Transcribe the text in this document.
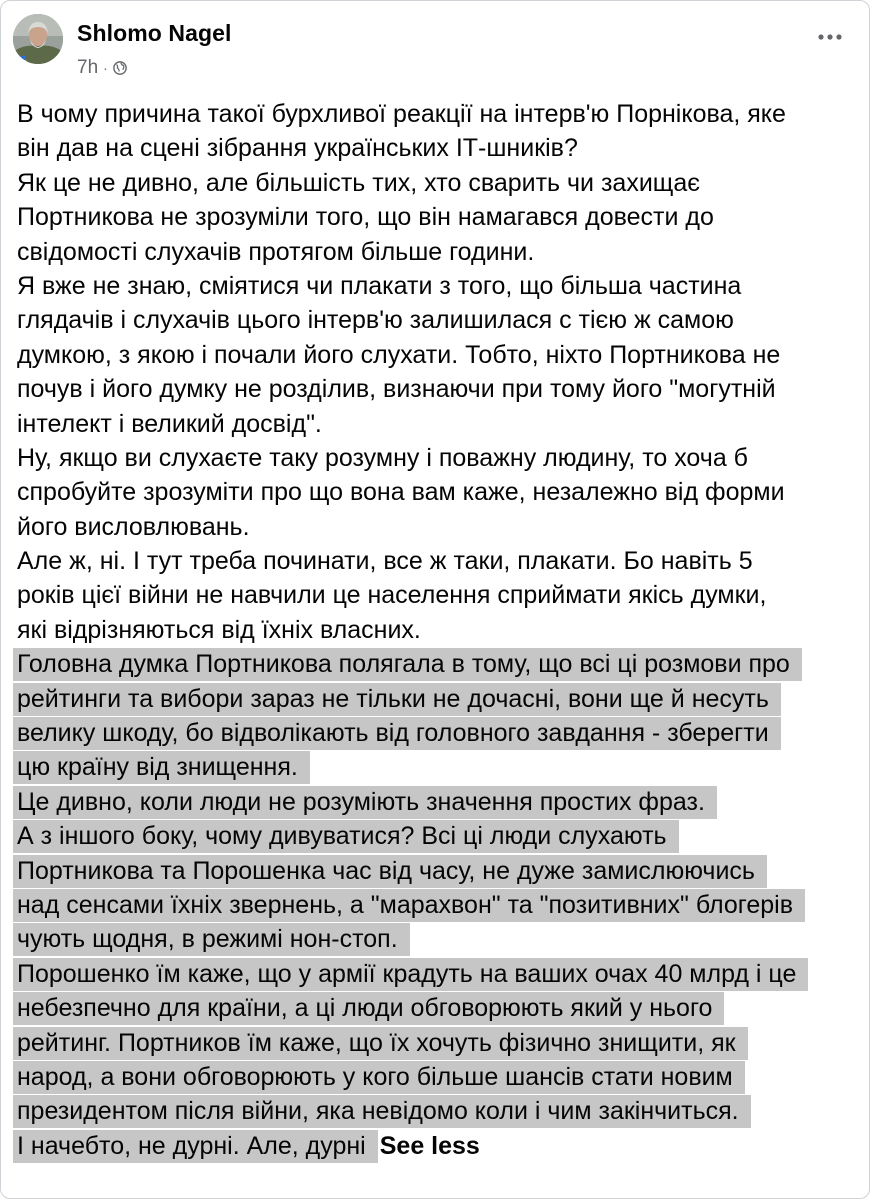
Shlomo Nagel
7h ·
В чому причина такої бурхливої реакції на інтерв'ю Порнікова, яке
він дав на сцені зібрання українських ІТ-шників?
Як це не дивно, але більшість тих, хто сварить чи захищає
Портникова не зрозуміли того, що він намагався довести до
свідомості слухачів протягом більше години.
Я вже не знаю, сміятися чи плакати з того, що більша частина
глядачів і слухачів цього інтерв'ю залишилася с тією ж самою
думкою, з якою і почали його слухати. Тобто, ніхто Портникова не
почув і його думку не розділив, визнаючи при тому його "могутній
інтелект і великий досвід".
Ну, якщо ви слухаєте таку розумну і поважну людину, то хоча б
спробуйте зрозуміти про що вона вам каже, незалежно від форми
його висловлювань.
Але ж, ні. І тут треба починати, все ж таки, плакати. Бо навіть 5
років цієї війни не навчили це населення сприймати якісь думки,
які відрізняються від їхніх власних.
Головна думка Портникова полягала в тому, що всі ці розмови про
рейтинги та вибори зараз не тільки не дочасні, вони ще й несуть
велику шкоду, бо відволікають від головного завдання - зберегти
цю країну від знищення.
Це дивно, коли люди не розуміють значення простих фраз.
А з іншого боку, чому дивуватися? Всі ці люди слухають
Портникова та Порошенка час від часу, не дуже замислюючись
над сенсами їхніх звернень, а "марахвон" та "позитивних" блогерів
чують щодня, в режимі нон-стоп.
Порошенко їм каже, що у армії крадуть на ваших очах 40 млрд і це
небезпечно для країни, а ці люди обговорюють який у нього
рейтинг. Портников їм каже, що їх хочуть фізично знищити, як
народ, а вони обговорюють у кого більше шансів стати новим
президентом після війни, яка невідомо коли і чим закінчиться.
І начебто, не дурні. Але, дурні See less
